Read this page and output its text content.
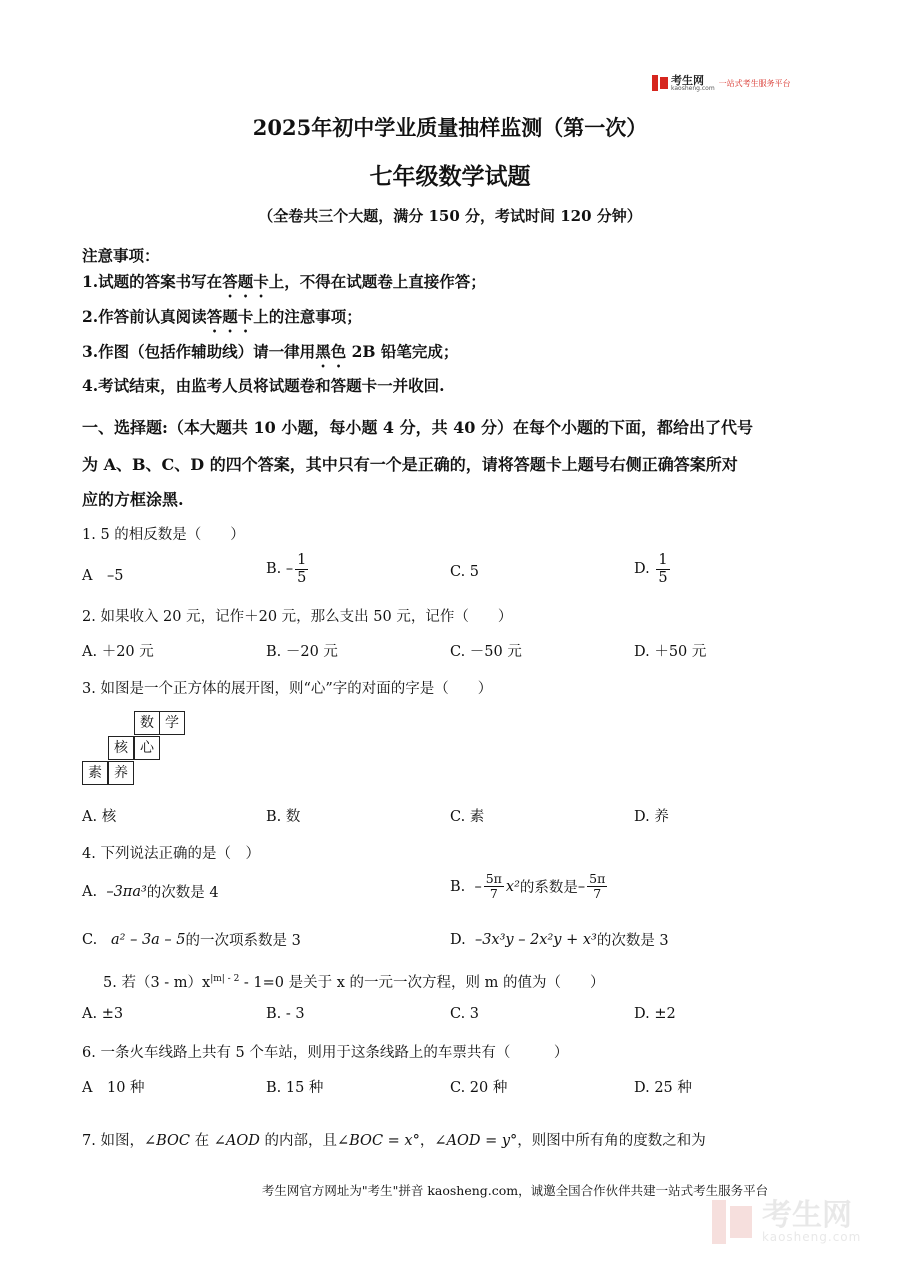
考生网
kaosheng.com
一站式考生服务平台
2025年初中学业质量抽样监测（第一次）
七年级数学试题
（全卷共三个大题，满分 150 分，考试时间 120 分钟）
注意事项：
1.试题的答案书写在答题卡上，不得在试题卷上直接作答；
2.作答前认真阅读答题卡上的注意事项；
3.作图（包括作辅助线）请一律用黑色 2B 铅笔完成；
4.考试结束，由监考人员将试题卷和答题卡一并收回.
一、选择题:（本大题共 10 小题，每小题 4 分，共 40 分）在每个小题的下面，都给出了代号
为 A、B、C、D 的四个答案，其中只有一个是正确的，请将答题卡上题号右侧正确答案所对
应的方框涂黑.
1. 5 的相反数是（　　）
A　–5	B.
– $\frac{1}{5}$	C. 5	D.
$\frac{1}{5}$
2. 如果收入 20 元，记作＋20 元，那么支出 50 元，记作（　　）
A. ＋20 元	B. －20 元	C. －50 元	D. ＋50 元
3. 如图是一个正方体的展开图，则“心”字的对面的字是（　　）
数 学
核 心
素 养
A. 核	B. 数	C. 素	D. 养
4. 下列说法正确的是（　）
A.
–3πa³ 的次数是 4	B.
– $\frac{5\pi}{7} x^2$ 的系数是 – $\frac{5\pi}{7}$
C.
a² – 3a – 5 的一次项系数是 3	D.
–3x³y – 2x²y + x³ 的次数是 3
5. 若$(3 - m)x^{|m| - 2} - 1=0$ 是关于 x 的一元一次方程，则 m 的值为（　　）
A. ±3	B. - 3	C. 3	D. ±2
6. 一条火车线路上共有 5 个车站，则用于这条线路上的车票共有（　　　）
A　10 种	B. 15 种	C. 20 种	D. 25 种
7. 如图，∠BOC 在 ∠AOD 的内部，且∠BOC = x°，∠AOD = y°，则图中所有角的度数之和为
考生网官方网址为"考生"拼音 kaosheng.com，诚邀全国合作伙伴共建一站式考生服务平台
考生网
kaosheng.com
